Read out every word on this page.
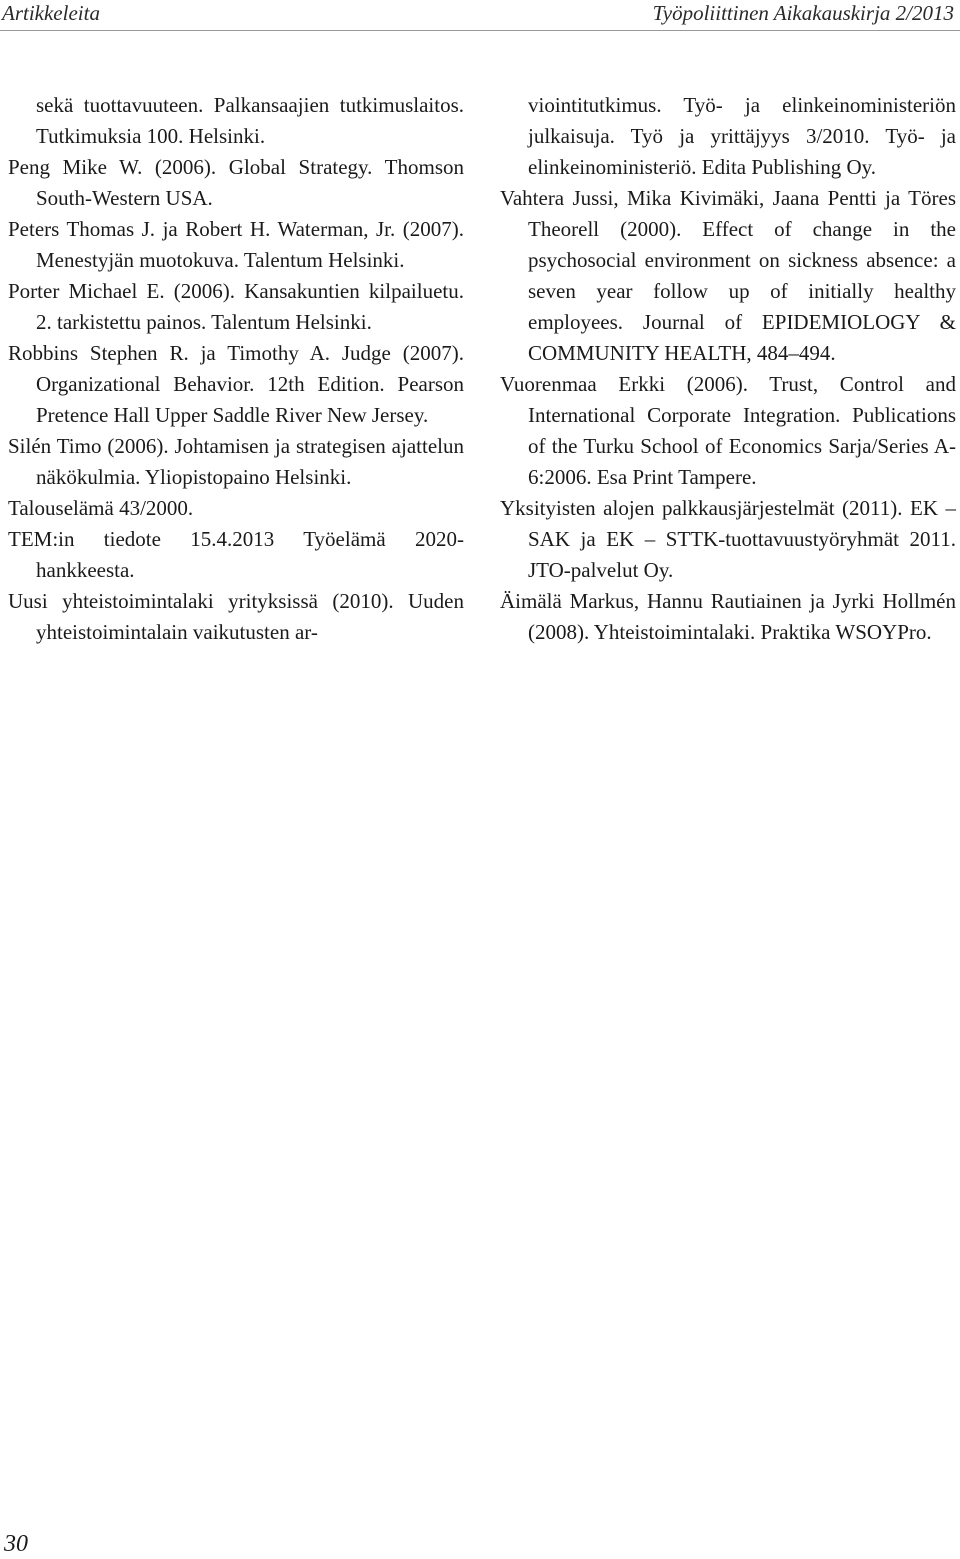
Artikkeleita	Työpoliittinen Aikakauskirja 2/2013

sekä tuottavuuteen. Palkansaajien tutkimuslaitos. Tutkimuksia 100. Helsinki.

Peng Mike W. (2006). Global Strategy. Thomson South-Western USA.

Peters Thomas J. ja Robert H. Waterman, Jr. (2007). Menestyjän muotokuva. Talentum Helsinki.

Porter Michael E. (2006). Kansakuntien kilpailuetu. 2. tarkistettu painos. Talentum Helsinki.

Robbins Stephen R. ja Timothy A. Judge (2007). Organizational Behavior. 12th Edition. Pearson Pretence Hall Upper Saddle River New Jersey.

Silén Timo (2006). Johtamisen ja strategisen ajattelun näkökulmia. Yliopistopaino Helsinki.

Talouselämä 43/2000.

TEM:in tiedote 15.4.2013 Työelämä 2020-hankkeesta.

Uusi yhteistoimintalaki yrityksissä (2010). Uuden yhteistoimintalain vaikutusten ar-

viointitutkimus. Työ- ja elinkeinoministeriön julkaisuja. Työ ja yrittäjyys 3/2010. Työ- ja elinkeinoministeriö. Edita Publishing Oy.

Vahtera Jussi, Mika Kivimäki, Jaana Pentti ja Töres Theorell (2000). Effect of change in the psychosocial environment on sickness absence: a seven year follow up of initially healthy employees. Journal of EPIDEMIOLOGY & COMMUNITY HEALTH, 484–494.

Vuorenmaa Erkki (2006). Trust, Control and International Corporate Integration. Publications of the Turku School of Economics Sarja/Series A-6:2006. Esa Print Tampere.

Yksityisten alojen palkkausjärjestelmät (2011). EK – SAK ja EK – STTK-tuottavuustyöryhmät 2011. JTO-palvelut Oy.

Äimälä Markus, Hannu Rautiainen ja Jyrki Hollmén (2008). Yhteistoimintalaki. Praktika WSOYPro.

30
